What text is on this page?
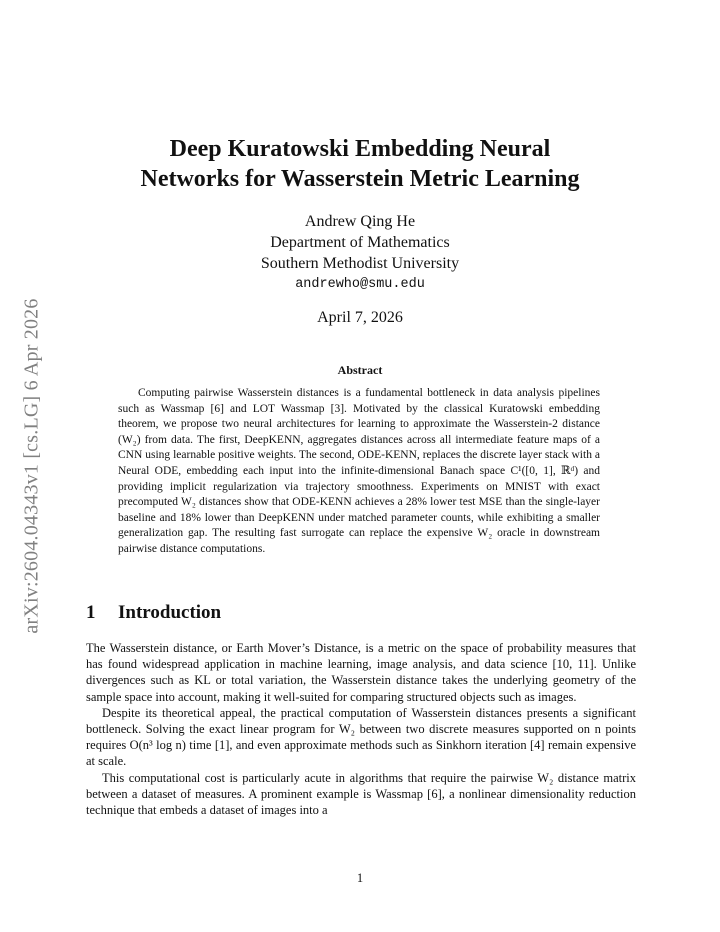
arXiv:2604.04343v1 [cs.LG] 6 Apr 2026
Deep Kuratowski Embedding Neural
Networks for Wasserstein Metric Learning
Andrew Qing He
Department of Mathematics
Southern Methodist University
andrewho@smu.edu
April 7, 2026
Abstract

Computing pairwise Wasserstein distances is a fundamental bottleneck in data analysis pipelines such as Wassmap [6] and LOT Wassmap [3]. Motivated by the classical Kuratowski embedding theorem, we propose two neural architectures for learning to approximate the Wasserstein-2 distance (W₂) from data. The first, DeepKENN, aggregates distances across all intermediate feature maps of a CNN using learnable positive weights. The second, ODE-KENN, replaces the discrete layer stack with a Neural ODE, embedding each input into the infinite-dimensional Banach space C¹([0, 1], ℝᵈ) and providing implicit regularization via trajectory smoothness. Experiments on MNIST with exact precomputed W₂ distances show that ODE-KENN achieves a 28% lower test MSE than the single-layer baseline and 18% lower than DeepKENN under matched parameter counts, while exhibiting a smaller generalization gap. The resulting fast surrogate can replace the expensive W₂ oracle in downstream pairwise distance computations.

1 Introduction

The Wasserstein distance, or Earth Mover’s Distance, is a metric on the space of probability measures that has found widespread application in machine learning, image analysis, and data science [10, 11]. Unlike divergences such as KL or total variation, the Wasserstein distance takes the underlying geometry of the sample space into account, making it well-suited for comparing structured objects such as images.

Despite its theoretical appeal, the practical computation of Wasserstein distances presents a significant bottleneck. Solving the exact linear program for W₂ between two discrete measures supported on n points requires O(n³ log n) time [1], and even approximate methods such as Sinkhorn iteration [4] remain expensive at scale.

This computational cost is particularly acute in algorithms that require the pairwise W₂ distance matrix between a dataset of measures. A prominent example is Wassmap [6], a nonlinear dimensionality reduction technique that embeds a dataset of images into a

1
